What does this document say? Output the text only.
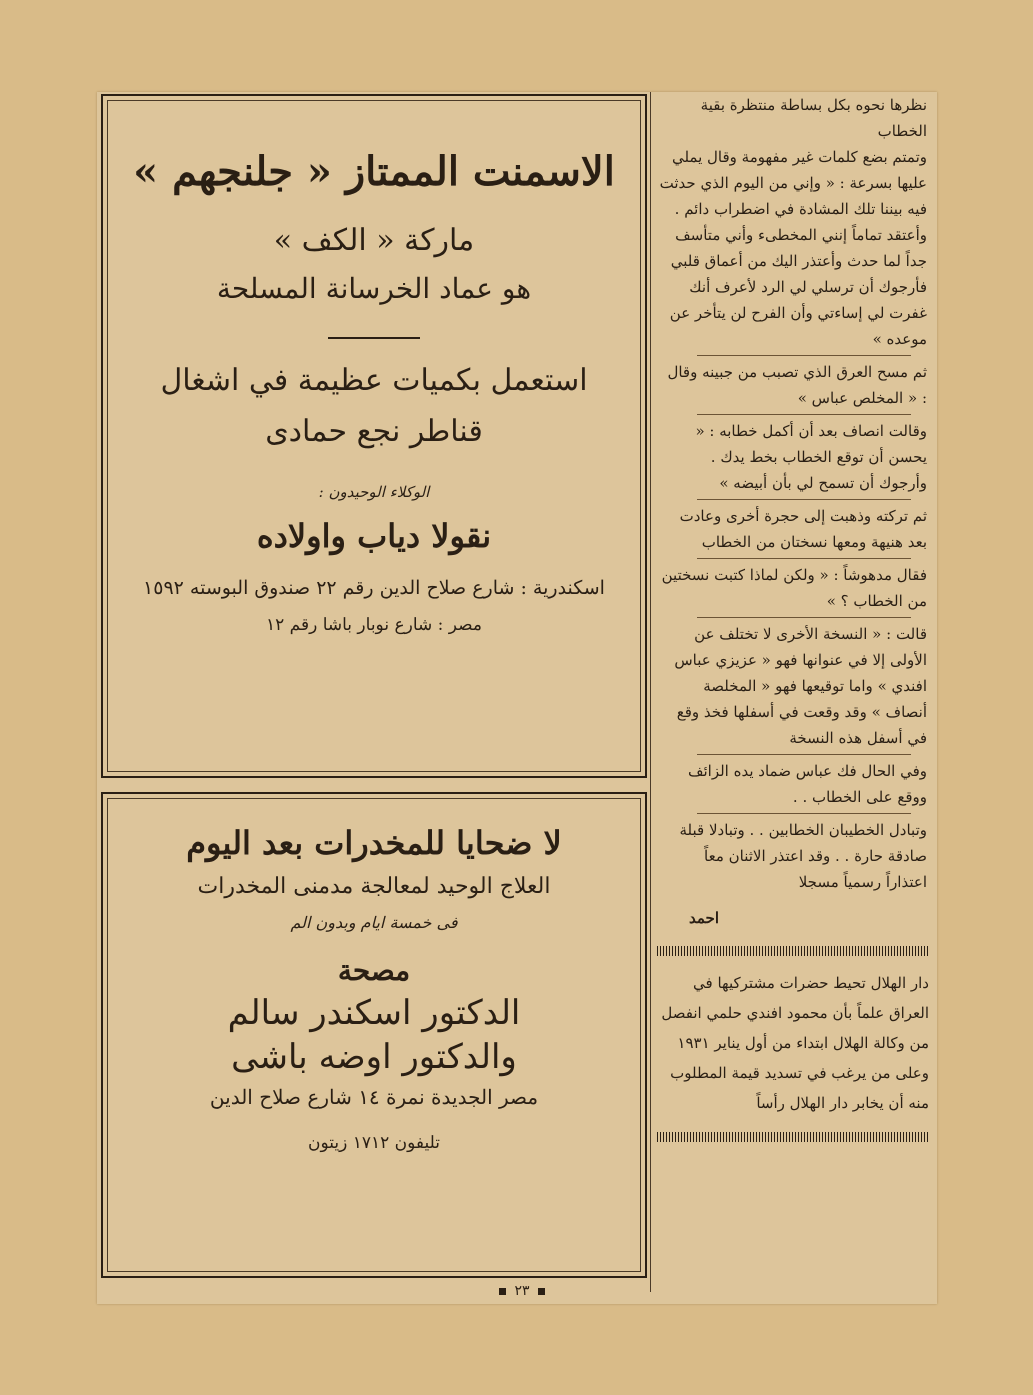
نظرها نحوه بكل بساطة منتظرة بقية الخطاب

وتمتم بضع كلمات غير مفهومة وقال يملي عليها بسرعة : « وإني من اليوم الذي حدثت فيه بيننا تلك المشادة في اضطراب دائم . وأعتقد تماماً إنني المخطىء وأني متأسف جداً لما حدث وأعتذر اليك من أعماق قلبي فأرجوك أن ترسلي لي الرد لأعرف أنك غفرت لي إساءتي وأن الفرح لن يتأخر عن موعده »

ثم مسح العرق الذي تصبب من جبينه وقال : « المخلص عباس »

وقالت انصاف بعد أن أكمل خطابه : « يحسن أن توقع الخطاب بخط يدك . وأرجوك أن تسمح لي بأن أبيضه »

ثم تركته وذهبت إلى حجرة أخرى وعادت بعد هنيهة ومعها نسختان من الخطاب

فقال مدهوشاً : « ولكن لماذا كتبت نسختين من الخطاب ؟ »

قالت : « النسخة الأخرى لا تختلف عن الأولى إلا في عنوانها فهو « عزيزي عباس افندي » واما توقيعها فهو « المخلصة أنصاف » وقد وقعت في أسفلها فخذ وقع في أسفل هذه النسخة

وفي الحال فك عباس ضماد يده الزائف ووقع على الخطاب . .

وتبادل الخطيبان الخطابين . . وتبادلا قبلة صادقة حارة . . وقد اعتذر الاثنان معاً اعتذاراً رسمياً مسجلا

احمد

دار الهلال تحيط حضرات مشتركيها في العراق علماً بأن محمود افندي حلمي انفصل من وكالة الهلال ابتداء من أول يناير ١٩٣١ وعلى من يرغب في تسديد قيمة المطلوب منه أن يخابر دار الهلال رأساً

الاسمنت الممتاز « جلنجهم »

ماركة « الكف »

هو عماد الخرسانة المسلحة

استعمل بكميات عظيمة في اشغال

قناطر نجع حمادى

الوكلاء الوحيدون :

نقولا دياب واولاده

اسكندرية : شارع صلاح الدين رقم ٢٢ صندوق البوسته ١٥٩٢

مصر : شارع نوبار باشا رقم ١٢

لا ضحايا للمخدرات بعد اليوم

العلاج الوحيد لمعالجة مدمنى المخدرات

فى خمسة ايام وبدون الم

مصحة

الدكتور اسكندر سالم

والدكتور اوضه باشى

مصر الجديدة نمرة ١٤ شارع صلاح الدين

تليفون ١٧١٢ زيتون

٢٣
